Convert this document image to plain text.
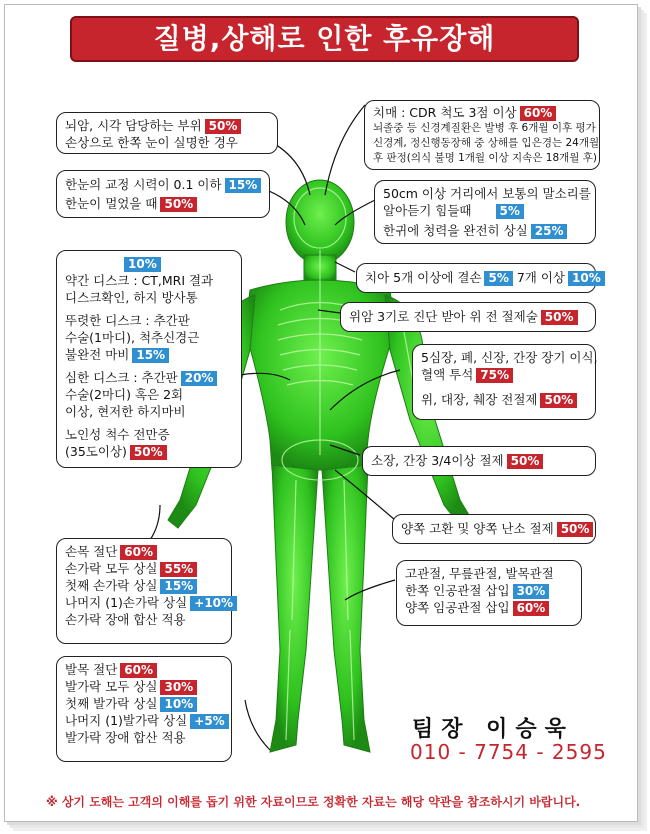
질병,상해로 인한 후유장해
뇌암, 시각 담당하는 부위 50%
손상으로 한쪽 눈이 실명한 경우
한눈의 교정 시력이 0.1 이하 15%
한눈이 멀었을 때 50%
10%
약간 디스크 : CT,MRI 결과
디스크확인, 하지 방사통
뚜렷한 디스크 : 추간판
수술(1마디), 척추신경근
불완전 마비 15%
심한 디스크 : 추간판 20%
수술(2마디) 혹은 2회
이상, 현저한 하지마비
노인성 척수 전만증
(35도이상) 50%
손목 절단 60%
손가락 모두 상실 55%
첫째 손가락 상실 15%
나머지 (1)손가락 상실 +10%
손가락 장애 합산 적용
발목 절단 60%
발가락 모두 상실 30%
첫째 발가락 상실 10%
나머지 (1)발가락 상실 +5%
발가락 장애 합산 적용
치매 : CDR 척도 3점 이상 60%
뇌졸중 등 신경계질환은 발병 후 6개월 이후 평가
신경계, 정신행동장해 중 상해를 입은경는 24개월
후 판정(의식 불명 1개월 이상 지속은 18개월 후)
50cm 이상 거리에서 보통의 말소리를
알아듣기 힘들때 5%
한귀에 청력을 완전히 상실 25%
치아 5개 이상에 결손 5% 7개 이상 10%
위암 3기로 진단 받아 위 전 절제술 50%
5심장, 폐, 신장, 간장 장기 이식,
혈액 투석 75%
위, 대장, 췌장 전절제 50%
소장, 간장 3/4이상 절제 50%
양쪽 고환 및 양쪽 난소 절제 50%
고관절, 무릎관절, 발목관절
한쪽 인공관절 삽입 30%
양쪽 임공관절 삽입 60%
팀장 이승욱
010 - 7754 - 2595
※ 상기 도해는 고객의 이해를 돕기 위한 자료이므로 정확한 자료는 해당 약관을 참조하시기 바랍니다.
